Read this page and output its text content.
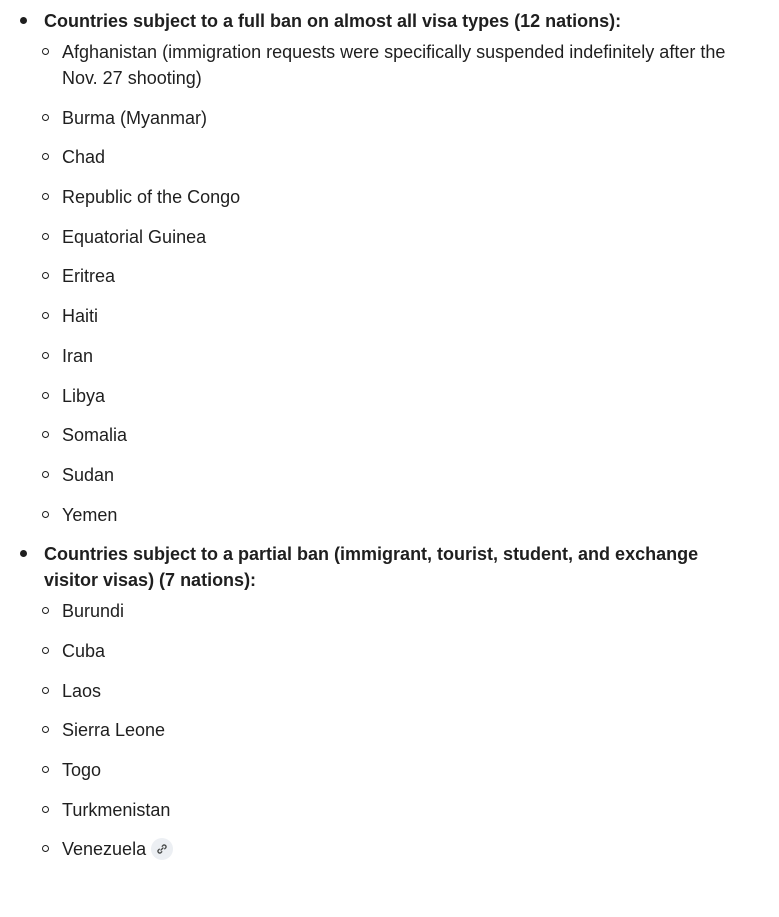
Countries subject to a full ban on almost all visa types (12 nations):
Afghanistan (immigration requests were specifically suspended indefinitely after the Nov. 27 shooting)
Burma (Myanmar)
Chad
Republic of the Congo
Equatorial Guinea
Eritrea
Haiti
Iran
Libya
Somalia
Sudan
Yemen
Countries subject to a partial ban (immigrant, tourist, student, and exchange visitor visas) (7 nations):
Burundi
Cuba
Laos
Sierra Leone
Togo
Turkmenistan
Venezuela
